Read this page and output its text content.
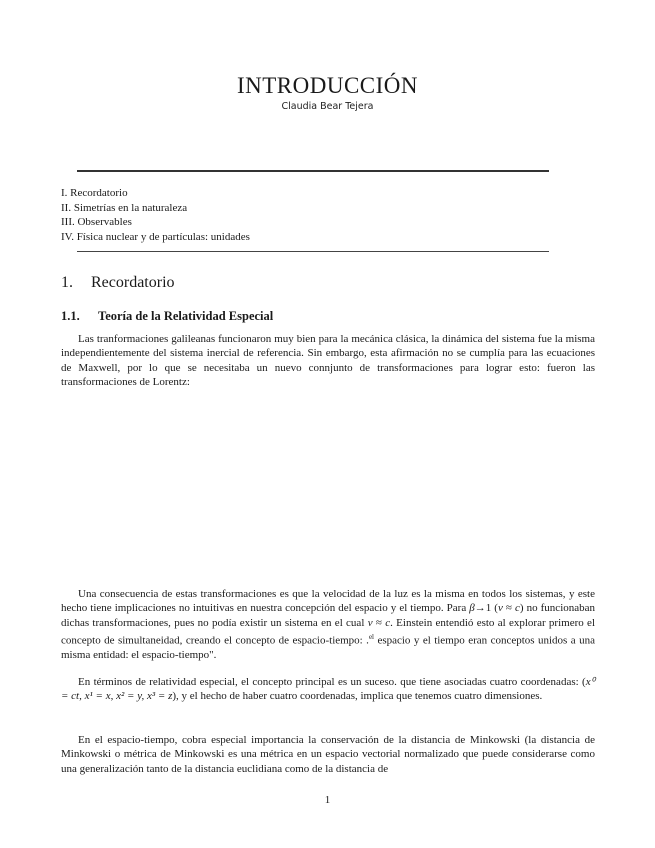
INTRODUCCIÓN
Claudia Bear Tejera
I. Recordatorio
II. Simetrías en la naturaleza
III. Observables
IV. Física nuclear y de partículas: unidades
1. Recordatorio
1.1. Teoría de la Relatividad Especial

Las tranformaciones galileanas funcionaron muy bien para la mecánica clásica, la dinámica del sistema fue la misma independientemente del sistema inercial de referencia. Sin embargo, esta afirmación no se cumplía para las ecuaciones de Maxwell, por lo que se necesitaba un nuevo connjunto de transformaciones para lograr esto: fueron las transformaciones de Lorentz:

Una consecuencia de estas transformaciones es que la velocidad de la luz es la misma en todos los sistemas, y este hecho tiene implicaciones no intuitivas en nuestra concepción del espacio y el tiempo. Para β→1 (v ≈ c) no funcionaban dichas transformaciones, pues no podía existir un sistema en el cual v ≈ c. Einstein entendió esto al explorar primero el concepto de simultaneidad, creando el concepto de espacio-tiempo: .$^{el}$ espacio y el tiempo eran conceptos unidos a una misma entidad: el espacio-tiempo".

En términos de relatividad especial, el concepto principal es un suceso. que tiene asociadas cuatro coordenadas: (x⁰ = ct, x¹ = x, x² = y, x³ = z), y el hecho de haber cuatro coordenadas, implica que tenemos cuatro dimensiones.

En el espacio-tiempo, cobra especial importancia la conservación de la distancia de Minkowski (la distancia de Minkowski o métrica de Minkowski es una métrica en un espacio vectorial normalizado que puede considerarse como una generalización tanto de la distancia euclidiana como de la distancia de

1
